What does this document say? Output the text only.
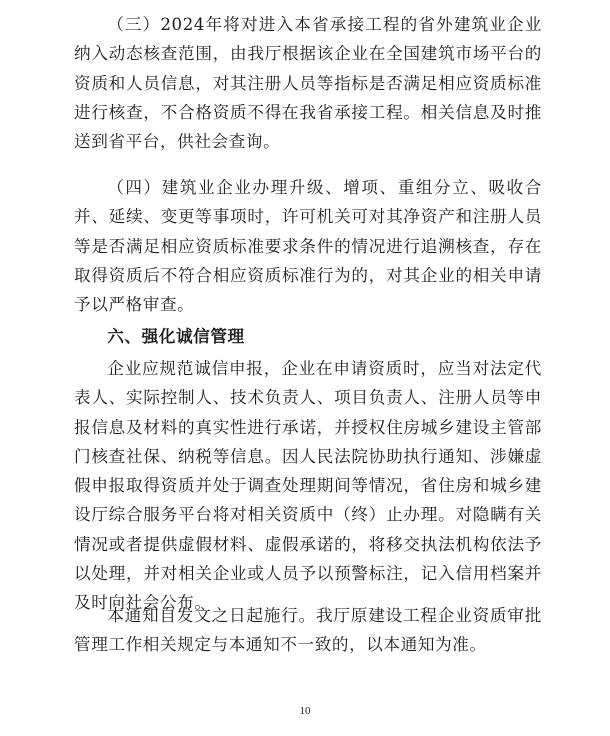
（三）2024年将对进入本省承接工程的省外建筑业企业纳入动态核查范围，由我厅根据该企业在全国建筑市场平台的资质和人员信息，对其注册人员等指标是否满足相应资质标准进行核查，不合格资质不得在我省承接工程。相关信息及时推送到省平台，供社会查询。

（四）建筑业企业办理升级、增项、重组分立、吸收合并、延续、变更等事项时，许可机关可对其净资产和注册人员等是否满足相应资质标准要求条件的情况进行追溯核查，存在取得资质后不符合相应资质标准行为的，对其企业的相关申请予以严格审查。

六、强化诚信管理

企业应规范诚信申报，企业在申请资质时，应当对法定代表人、实际控制人、技术负责人、项目负责人、注册人员等申报信息及材料的真实性进行承诺，并授权住房城乡建设主管部门核查社保、纳税等信息。因人民法院协助执行通知、涉嫌虚假申报取得资质并处于调查处理期间等情况，省住房和城乡建设厅综合服务平台将对相关资质中（终）止办理。对隐瞒有关情况或者提供虚假材料、虚假承诺的，将移交执法机构依法予以处理，并对相关企业或人员予以预警标注，记入信用档案并及时向社会公布。

本通知自发文之日起施行。我厅原建设工程企业资质审批管理工作相关规定与本通知不一致的，以本通知为准。

10
